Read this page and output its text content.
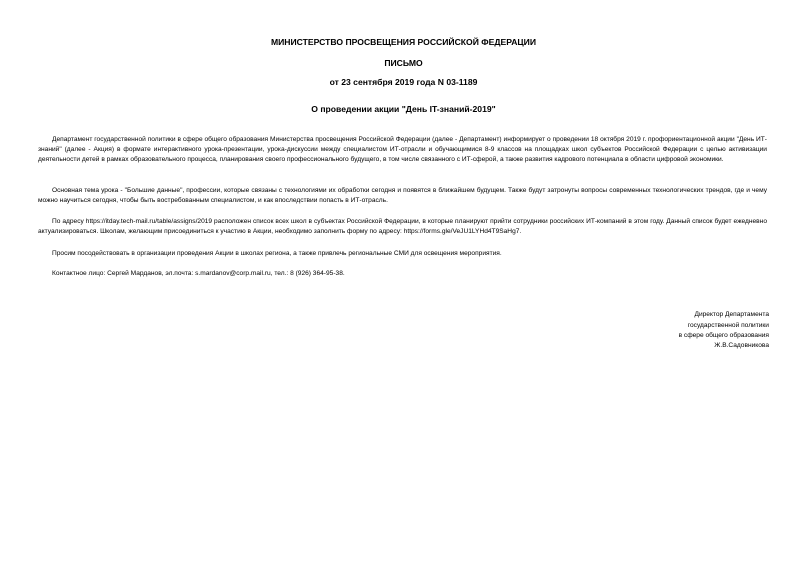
МИНИСТЕРСТВО ПРОСВЕЩЕНИЯ РОССИЙСКОЙ ФЕДЕРАЦИИ
ПИСЬМО
от 23 сентября 2019 года N 03-1189
О проведении акции "День IT-знаний-2019"

Департамент государственной политики в сфере общего образования Министерства просвещения Российской Федерации (далее - Департамент) информирует о проведении 18 октября 2019 г. профориентационной акции "День ИТ-знаний" (далее - Акция) в формате интерактивного урока-презентации, урока-дискуссии между специалистом ИТ-отрасли и обучающимися 8-9 классов на площадках школ субъектов Российской Федерации с целью активизации деятельности детей в рамках образовательного процесса, планирования своего профессионального будущего, в том числе связанного с ИТ-сферой, а также развития кадрового потенциала в области цифровой экономики.

Основная тема урока - "Большие данные", профессии, которые связаны с технологиями их обработки сегодня и появятся в ближайшем будущем. Также будут затронуты вопросы современных технологических трендов, где и чему можно научиться сегодня, чтобы быть востребованным специалистом, и как впоследствии попасть в ИТ-отрасль.

По адресу https://itday.tech-mail.ru/table/assigns/2019 расположен список всех школ в субъектах Российской Федерации, в которые планируют прийти сотрудники российских ИТ-компаний в этом году. Данный список будет ежедневно актуализироваться. Школам, желающим присоединиться к участию в Акции, необходимо заполнить форму по адресу: https://forms.gle/VeJU1LYHd4T9SaHg7.

Просим посодействовать в организации проведения Акции в школах региона, а также привлечь региональные СМИ для освещения мероприятия.

Контактное лицо: Сергей Марданов, эл.почта: s.mardanov@corp.mail.ru, тел.: 8 (926) 364-95-38.

Директор Департамента
государственной политики
в сфере общего образования
Ж.В.Садовникова
